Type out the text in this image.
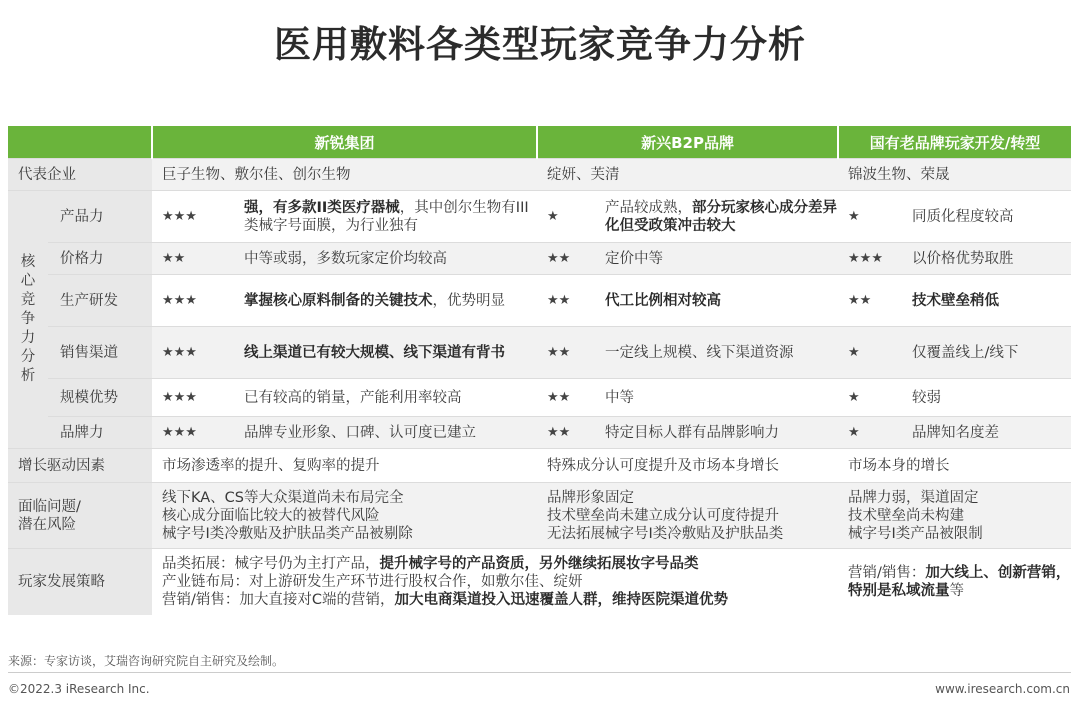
医用敷料各类型玩家竞争力分析
		新锐集团		新兴B2P品牌		国有老品牌玩家开发/转型	
代表企业		巨子生物、敷尔佳、创尔生物		绽妍、芙清		锦波生物、荣晟	

核心竞争力分析	产品力	★★★	强，有多款II类医疗器械，其中创尔生物有III类械字号面膜，为行业独有	★	产品较成熟，部分玩家核心成分差异化但受政策冲击较大	★	同质化程度较高
	价格力	★★	中等或弱，多数玩家定价均较高	★★	定价中等	★★★	以价格优势取胜
	生产研发	★★★	掌握核心原料制备的关键技术，优势明显	★★	代工比例相对较高	★★	技术壁垒稍低
	销售渠道	★★★	线上渠道已有较大规模、线下渠道有背书	★★	一定线上规模、线下渠道资源	★	仅覆盖线上/线下
	规模优势	★★★	已有较高的销量，产能利用率较高	★★	中等	★	较弱
	品牌力	★★★	品牌专业形象、口碑、认可度已建立	★★	特定目标人群有品牌影响力	★	品牌知名度差
增长驱动因素		市场渗透率的提升、复购率的提升		特殊成分认可度提升及市场本身增长		市场本身的增长	

面临问题/
潜在风险		线下KA、CS等大众渠道尚未布局完全
核心成分面临比较大的被替代风险
械字号I类冷敷贴及护肤品类产品被剔除		品牌形象固定
技术壁垒尚未建立成分认可度待提升
无法拓展械字号I类冷敷贴及护肤品类		品牌力弱，渠道固定
技术壁垒尚未构建
械字号I类产品被限制	

玩家发展策略		品类拓展：械字号仍为主打产品，提升械字号的产品资质，另外继续拓展妆字号品类
产业链布局：对上游研发生产环节进行股权合作，如敷尔佳、绽妍
营销/销售：加大直接对C端的营销，加大电商渠道投入迅速覆盖人群，维持医院渠道优势				营销/销售：加大线上、创新营销，特别是私域流量等	
来源：专家访谈，艾瑞咨询研究院自主研究及绘制。
©2022.3 iResearch Inc.	www.iresearch.com.cn
